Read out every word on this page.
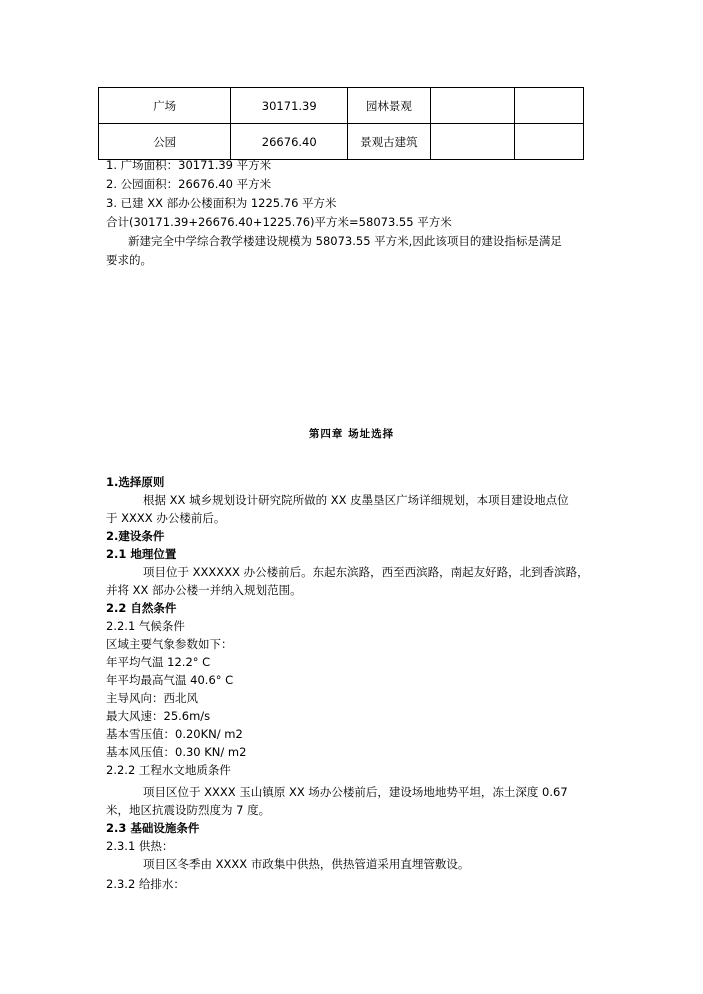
广场	30171.39	园林景观		
公园	26676.40	景观古建筑		
1. 广场面积：30171.39 平方米
2. 公园面积：26676.40 平方米
3. 已建 XX 部办公楼面积为 1225.76 平方米
合计(30171.39+26676.40+1225.76)平方米=58073.55 平方米
新建完全中学综合教学楼建设规模为 58073.55 平方米,因此该项目的建设指标是满足
要求的。
第四章 场址选择
1.选择原则
根据 XX 城乡规划设计研究院所做的 XX 皮墨垦区广场详细规划，本项目建设地点位
于 XXXX 办公楼前后。
2.建设条件
2.1 地理位置
项目位于 XXXXXX 办公楼前后。东起东滨路，西至西滨路，南起友好路，北到香滨路，
并将 XX 部办公楼一并纳入规划范围。
2.2 自然条件
2.2.1 气候条件
区域主要气象参数如下：
年平均气温 12.2° C
年平均最高气温 40.6° C
主导风向：西北风
最大风速：25.6m/s
基本雪压值：0.20KN/ m2
基本风压值：0.30 KN/ m2
2.2.2 工程水文地质条件
项目区位于 XXXX 玉山镇原 XX 场办公楼前后，建设场地地势平坦，冻土深度 0.67
米，地区抗震设防烈度为 7 度。
2.3 基础设施条件
2.3.1 供热：
项目区冬季由 XXXX 市政集中供热，供热管道采用直埋管敷设。
2.3.2 给排水：
